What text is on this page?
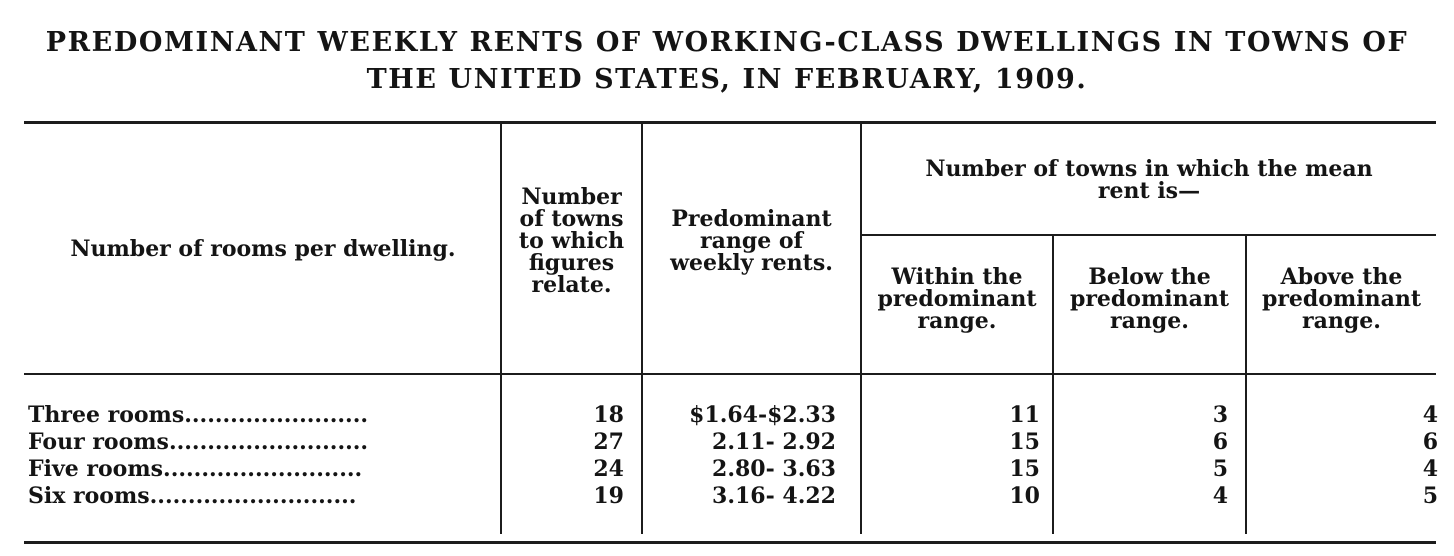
PREDOMINANT WEEKLY RENTS OF WORKING-CLASS DWELLINGS IN TOWNS OF
THE UNITED STATES, IN FEBRUARY, 1909.
Number of rooms per dwelling.
Number
of towns
to which
figures
relate.
Predominant
range of
weekly rents.
Number of towns in which the mean
rent is—
Within the
predominant
range.
Below the
predominant
range.
Above the
predominant
range.
Three rooms........................	18	$1.64-$2.33	11	3	4
Four rooms..........................	27	2.11- 2.92	15	6	6
Five rooms..........................	24	2.80- 3.63	15	5	4
Six rooms...........................	19	3.16- 4.22	10	4	5
